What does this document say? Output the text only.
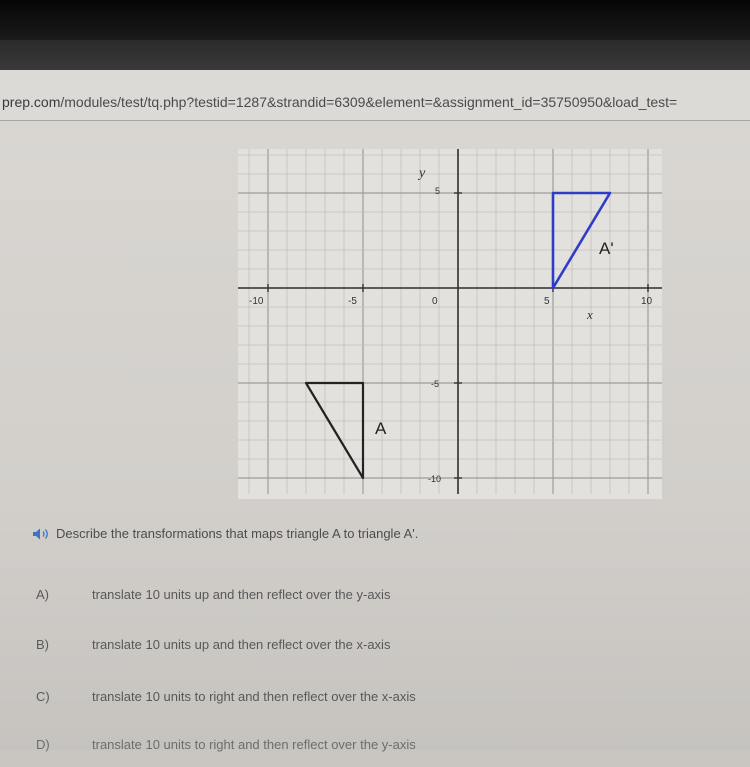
prep.com/modules/test/tq.php?testid=1287&strandid=6309&element=&assignment_id=35750950&load_test=
y
x
-10	-5	0	5	10
5
-5
-10
A
A'
Describe the transformations that maps triangle A to triangle A'.
A)	translate 10 units up and then reflect over the y-axis
B)	translate 10 units up and then reflect over the x-axis
C)	translate 10 units to right and then reflect over the x-axis
D)	translate 10 units to right and then reflect over the y-axis
